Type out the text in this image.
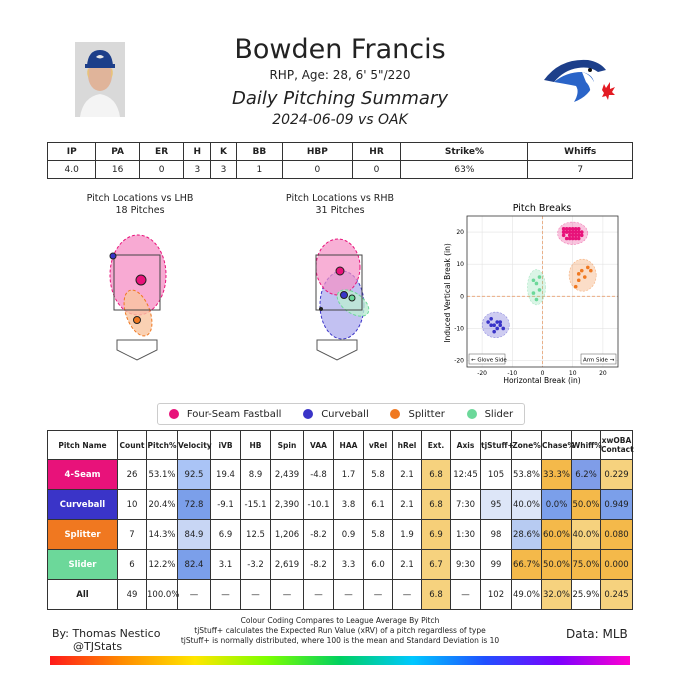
Bowden Francis
RHP, Age: 28, 6' 5"/220
Daily Pitching Summary
2024-06-09 vs OAK
IP	PA	ER	H	K	BB	HBP	HR	Strike%	Whiffs
4.0	16	0	3	3	1	0	0	63%	7
Pitch Locations vs LHB
18 Pitches
Pitch Locations vs RHB
31 Pitches	Pitch Breaks
Induced Vertical Break (in)
Horizontal Break (in)
-20	-10	0	10	20
20
10
0
-10
-20 ← Glove Side	Arm Side →
Four-Seam Fastball	Curveball	Splitter	Slider
Pitch Name	Count	Pitch%	Velocity	iVB	HB	Spin	VAA	HAA	vRel	hRel	Ext.	Axis	tjStuff+	Zone%	Chase%	Whiff%	xwOBA Contact
4-Seam	26	53.1%	92.5	19.4	8.9	2,439	-4.8	1.7	5.8	2.1	6.8	12:45	105	53.8%	33.3%	6.2%	0.229
Curveball	10	20.4%	72.8	-9.1	-15.1	2,390	-10.1	3.8	6.1	2.1	6.8	7:30	95	40.0%	0.0%	50.0%	0.949
Splitter	7	14.3%	84.9	6.9	12.5	1,206	-8.2	0.9	5.8	1.9	6.9	1:30	98	28.6%	60.0%	40.0%	0.080
Slider	6	12.2%	82.4	3.1	-3.2	2,619	-8.2	3.3	6.0	2.1	6.7	9:30	99	66.7%	50.0%	75.0%	0.000
All	49	100.0%	—	—	—	—	—	—	—	—	6.8	—	102	49.0%	32.0%	25.9%	0.245
By: Thomas Nestico
@TJStats
Data: MLB
Colour Coding Compares to League Average By Pitch
tjStuff+ calculates the Expected Run Value (xRV) of a pitch regardless of type
tjStuff+ is normally distributed, where 100 is the mean and Standard Deviation is 10
